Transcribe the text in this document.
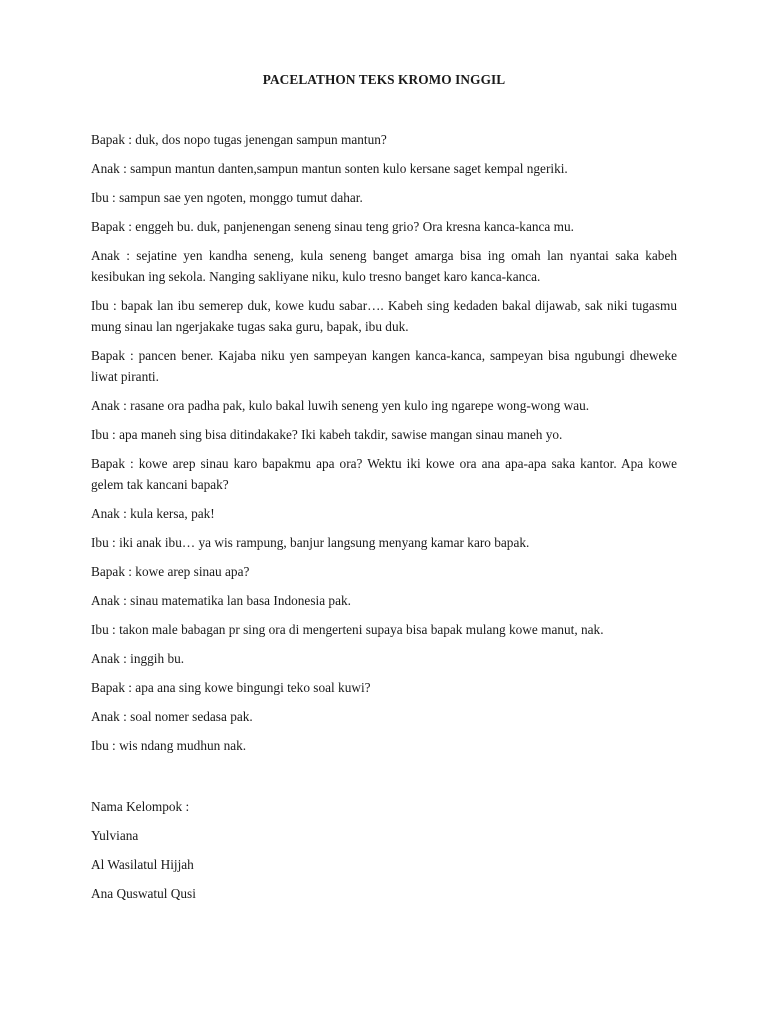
PACELATHON TEKS KROMO INGGIL

Bapak : duk, dos nopo tugas jenengan sampun mantun?

Anak : sampun mantun danten,sampun mantun sonten kulo kersane saget kempal ngeriki.

Ibu : sampun sae yen ngoten, monggo tumut dahar.

Bapak : enggeh bu. duk, panjenengan seneng sinau teng grio? Ora kresna kanca-kanca mu.

Anak : sejatine yen kandha seneng, kula seneng banget amarga bisa ing omah lan nyantai saka kabeh kesibukan ing sekola. Nanging sakliyane niku, kulo tresno banget karo kanca-kanca.

Ibu : bapak lan ibu semerep duk, kowe kudu sabar…. Kabeh sing kedaden bakal dijawab, sak niki tugasmu mung sinau lan ngerjakake tugas saka guru, bapak, ibu duk.

Bapak : pancen bener. Kajaba niku yen sampeyan kangen kanca-kanca, sampeyan bisa ngubungi dheweke liwat piranti.

Anak : rasane ora padha pak, kulo bakal luwih seneng yen kulo ing ngarepe wong-wong wau.

Ibu : apa maneh sing bisa ditindakake? Iki kabeh takdir, sawise mangan sinau maneh yo.

Bapak : kowe arep sinau karo bapakmu apa ora? Wektu iki kowe ora ana apa-apa saka kantor. Apa kowe gelem tak kancani bapak?

Anak : kula kersa, pak!

Ibu : iki anak ibu… ya wis rampung, banjur langsung menyang kamar karo bapak.

Bapak : kowe arep sinau apa?

Anak : sinau matematika lan basa Indonesia pak.

Ibu : takon male babagan pr sing ora di mengerteni supaya bisa bapak mulang kowe manut, nak.

Anak : inggih bu.

Bapak : apa ana sing kowe bingungi teko soal kuwi?

Anak : soal nomer sedasa pak.

Ibu : wis ndang mudhun nak.

Nama Kelompok :

Yulviana

Al Wasilatul Hijjah

Ana Quswatul Qusi
